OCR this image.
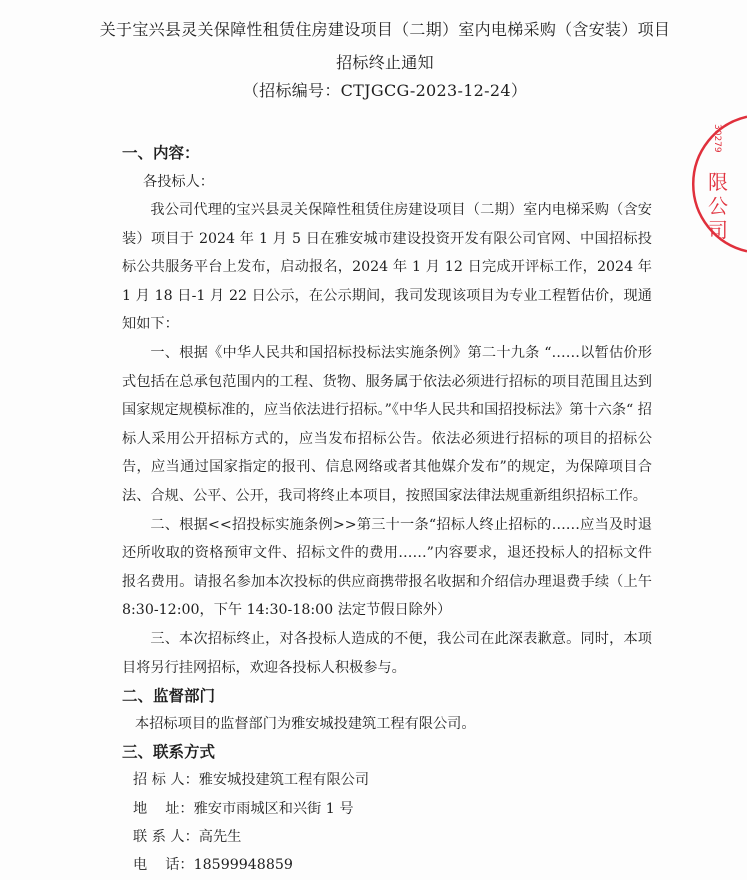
关于宝兴县灵关保障性租赁住房建设项目（二期）室内电梯采购（含安装）项目
招标终止通知
（招标编号：CTJGCG-2023-12-24）
一、内容：
各投标人：

我公司代理的宝兴县灵关保障性租赁住房建设项目（二期）室内电梯采购（含安装）项目于 2024 年 1 月 5 日在雅安城市建设投资开发有限公司官网、中国招标投标公共服务平台上发布，启动报名，2024 年 1 月 12 日完成开评标工作，2024 年 1 月 18 日-1 月 22 日公示，在公示期间，我司发现该项目为专业工程暂估价，现通知如下：

一、根据《中华人民共和国招标投标法实施条例》第二十九条 “……以暂估价形式包括在总承包范围内的工程、货物、服务属于依法必须进行招标的项目范围且达到国家规定规模标准的，应当依法进行招标。”《中华人民共和国招投标法》第十六条“ 招标人采用公开招标方式的，应当发布招标公告。依法必须进行招标的项目的招标公告，应当通过国家指定的报刊、信息网络或者其他媒介发布”的规定，为保障项目合法、合规、公平、公开，我司将终止本项目，按照国家法律法规重新组织招标工作。

二、根据<<招投标实施条例>>第三十一条“招标人终止招标的……应当及时退还所收取的资格预审文件、招标文件的费用……”内容要求，退还投标人的招标文件报名费用。请报名参加本次投标的供应商携带报名收据和介绍信办理退费手续（上午 8:30-12:00，下午 14:30-18:00 法定节假日除外）

三、本次招标终止，对各投标人造成的不便，我公司在此深表歉意。同时，本项目将另行挂网招标，欢迎各投标人积极参与。

二、监督部门
本招标项目的监督部门为雅安城投建筑工程有限公司。
三、联系方式
招 标 人：雅安城投建筑工程有限公司
地    址：雅安市雨城区和兴街 1 号
联 系 人：高先生
电    话：18599948859
30279
限公司
